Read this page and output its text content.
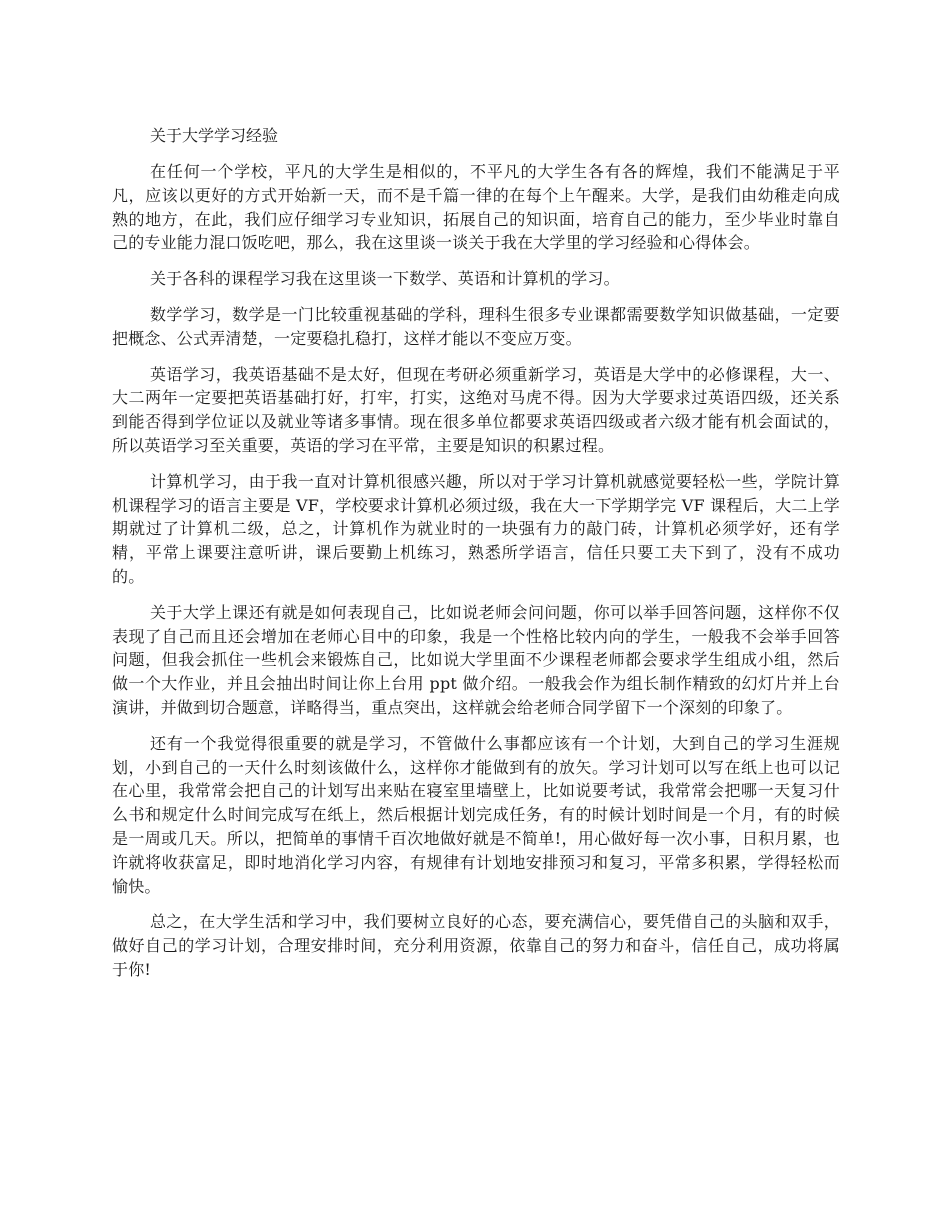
关于大学学习经验

在任何一个学校，平凡的大学生是相似的，不平凡的大学生各有各的辉煌，我们不能满足于平凡，应该以更好的方式开始新一天，而不是千篇一律的在每个上午醒来。大学，是我们由幼稚走向成熟的地方，在此，我们应仔细学习专业知识，拓展自己的知识面，培育自己的能力，至少毕业时靠自己的专业能力混口饭吃吧，那么，我在这里谈一谈关于我在大学里的学习经验和心得体会。

关于各科的课程学习我在这里谈一下数学、英语和计算机的学习。

数学学习，数学是一门比较重视基础的学科，理科生很多专业课都需要数学知识做基础，一定要把概念、公式弄清楚，一定要稳扎稳打，这样才能以不变应万变。

英语学习，我英语基础不是太好，但现在考研必须重新学习，英语是大学中的必修课程，大一、大二两年一定要把英语基础打好，打牢，打实，这绝对马虎不得。因为大学要求过英语四级，还关系到能否得到学位证以及就业等诸多事情。现在很多单位都要求英语四级或者六级才能有机会面试的，所以英语学习至关重要，英语的学习在平常，主要是知识的积累过程。

计算机学习，由于我一直对计算机很感兴趣，所以对于学习计算机就感觉要轻松一些，学院计算机课程学习的语言主要是 VF，学校要求计算机必须过级，我在大一下学期学完 VF 课程后，大二上学期就过了计算机二级，总之，计算机作为就业时的一块强有力的敲门砖，计算机必须学好，还有学精，平常上课要注意听讲，课后要勤上机练习，熟悉所学语言，信任只要工夫下到了，没有不成功的。

关于大学上课还有就是如何表现自己，比如说老师会问问题，你可以举手回答问题，这样你不仅表现了自己而且还会增加在老师心目中的印象，我是一个性格比较内向的学生，一般我不会举手回答问题，但我会抓住一些机会来锻炼自己，比如说大学里面不少课程老师都会要求学生组成小组，然后做一个大作业，并且会抽出时间让你上台用 ppt 做介绍。一般我会作为组长制作精致的幻灯片并上台演讲，并做到切合题意，详略得当，重点突出，这样就会给老师合同学留下一个深刻的印象了。

还有一个我觉得很重要的就是学习，不管做什么事都应该有一个计划，大到自己的学习生涯规划，小到自己的一天什么时刻该做什么，这样你才能做到有的放矢。学习计划可以写在纸上也可以记在心里，我常常会把自己的计划写出来贴在寝室里墙壁上，比如说要考试，我常常会把哪一天复习什么书和规定什么时间完成写在纸上，然后根据计划完成任务，有的时候计划时间是一个月，有的时候是一周或几天。所以，把简单的事情千百次地做好就是不简单!，用心做好每一次小事，日积月累，也许就将收获富足，即时地消化学习内容，有规律有计划地安排预习和复习，平常多积累，学得轻松而愉快。

总之，在大学生活和学习中，我们要树立良好的心态，要充满信心，要凭借自己的头脑和双手，做好自己的学习计划，合理安排时间，充分利用资源，依靠自己的努力和奋斗，信任自己，成功将属于你!
